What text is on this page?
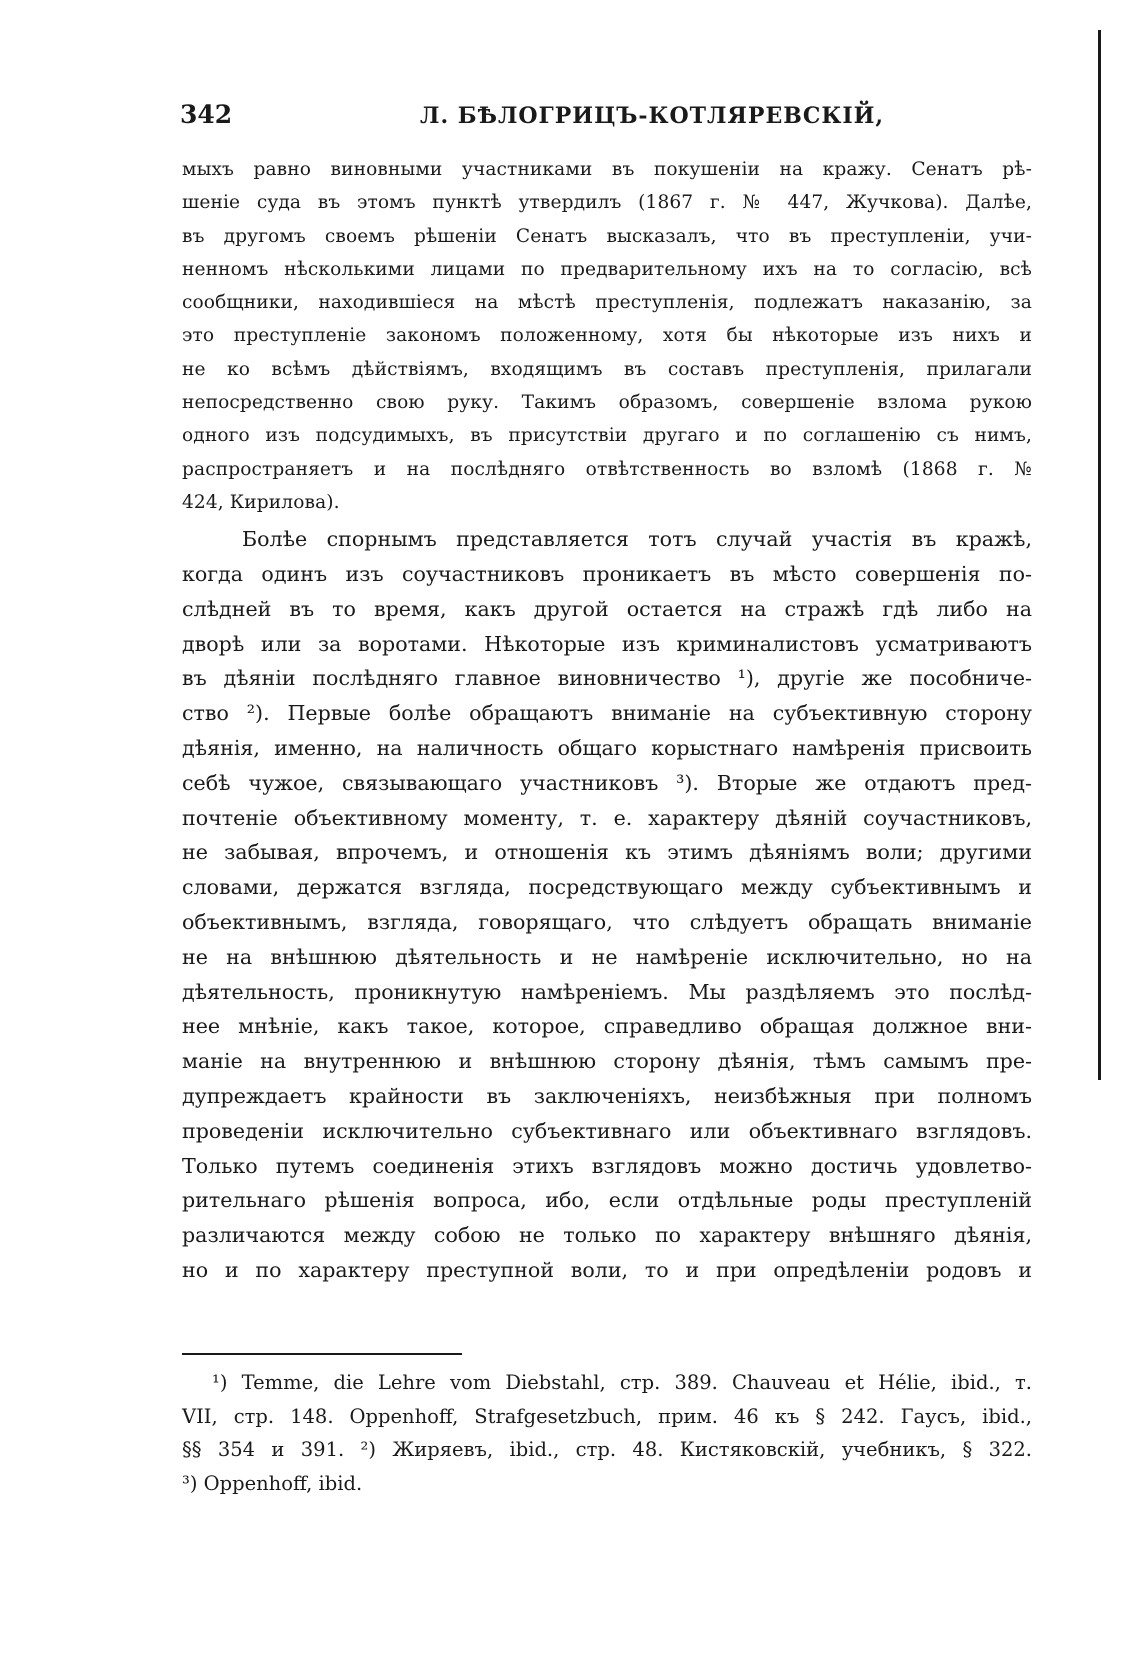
342	Л. БѢЛОГРИЦЪ-КОТЛЯРЕВСКІЙ,
мыхъ равно виновными участниками въ покушеніи на кражу. Сенатъ рѣ-
шеніе суда въ этомъ пунктѣ утвердилъ (1867 г. № 447, Жучкова). Далѣе,
въ другомъ своемъ рѣшеніи Сенатъ высказалъ, что въ преступленіи, учи-
ненномъ нѣсколькими лицами по предварительному ихъ на то согласію, всѣ
сообщники, находившіеся на мѣстѣ преступленія, подлежатъ наказанію, за
это преступленіе закономъ положенному, хотя бы нѣкоторые изъ нихъ и
не ко всѣмъ дѣйствіямъ, входящимъ въ составъ преступленія, прилагали
непосредственно свою руку. Такимъ образомъ, совершеніе взлома рукою
одного изъ подсудимыхъ, въ присутствіи другаго и по соглашенію съ нимъ,
распространяетъ и на послѣдняго отвѣтственность во взломѣ (1868 г. №
424, Кирилова).
Болѣе спорнымъ представляется тотъ случай участія въ кражѣ,
когда одинъ изъ соучастниковъ проникаетъ въ мѣсто совершенія по-
слѣдней въ то время, какъ другой остается на стражѣ гдѣ либо на
дворѣ или за воротами. Нѣкоторые изъ криминалистовъ усматриваютъ
въ дѣяніи послѣдняго главное виновничество ¹), другіе же пособниче-
ство ²). Первые болѣе обращаютъ вниманіе на субъективную сторону
дѣянія, именно, на наличность общаго корыстнаго намѣренія присвоить
себѣ чужое, связывающаго участниковъ ³). Вторые же отдаютъ пред-
почтеніе объективному моменту, т. е. характеру дѣяній соучастниковъ,
не забывая, впрочемъ, и отношенія къ этимъ дѣяніямъ воли; другими
словами, держатся взгляда, посредствующаго между субъективнымъ и
объективнымъ, взгляда, говорящаго, что слѣдуетъ обращать вниманіе
не на внѣшнюю дѣятельность и не намѣреніе исключительно, но на
дѣятельность, проникнутую намѣреніемъ. Мы раздѣляемъ это послѣд-
нее мнѣніе, какъ такое, которое, справедливо обращая должное вни-
маніе на внутреннюю и внѣшнюю сторону дѣянія, тѣмъ самымъ пре-
дупреждаетъ крайности въ заключеніяхъ, неизбѣжныя при полномъ
проведеніи исключительно субъективнаго или объективнаго взглядовъ.
Только путемъ соединенія этихъ взглядовъ можно достичь удовлетво-
рительнаго рѣшенія вопроса, ибо, если отдѣльные роды преступленій
различаются между собою не только по характеру внѣшняго дѣянія,
но и по характеру преступной воли, то и при опредѣленіи родовъ и
¹) Temme, die Lehre vom Diebstahl, стр. 389. Chauveau et Hélie, ibid., т.
VII, стр. 148. Oppenhoff, Strafgesetzbuch, прим. 46 къ § 242. Гаусъ, ibid.,
§§ 354 и 391. ²) Жиряевъ, ibid., стр. 48. Кистяковскій, учебникъ, § 322.
³) Oppenhoff, ibid.
